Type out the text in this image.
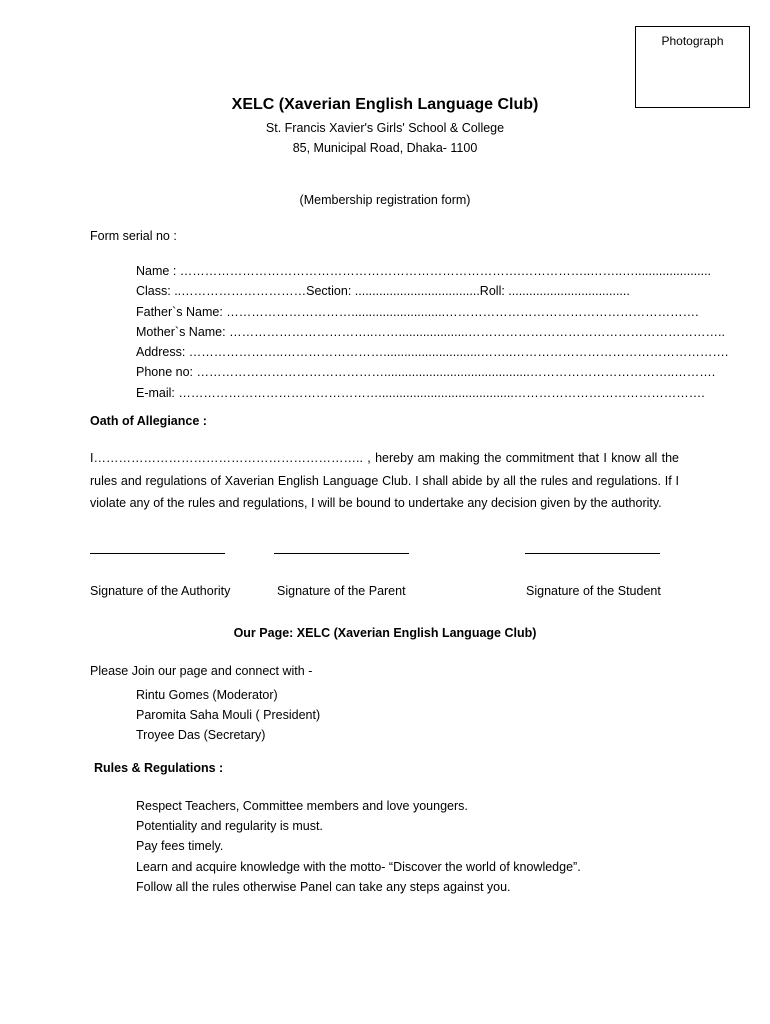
Photograph
XELC (Xaverian English Language Club)
St. Francis Xavier's Girls' School & College
85, Municipal Road, Dhaka- 1100
(Membership registration form)
Form serial no :
Name : ……………………………………………………………………….……………..……..…......................
Class: ..…………………………Section: ....................................Roll: ...................................
Father`s Name: …………………………...........................…………………………………………………….
Mother`s Name: ……………………………..……....................……………………………………………………..
Address: …………………..……………………............................……..…………………………………………….
Phone no: ………………………………………..........................................……………………………..……….
E-mail: ………………………………………….......................................……………………………………….
Oath of Allegiance :

I……………………………………………………….. , hereby am making the commitment that I know all the rules and regulations of Xaverian English Language Club. I shall abide by all the rules and regulations. If I violate any of the rules and regulations, I will be bound to undertake any decision given by the authority.

Signature of the Authority	Signature of the Parent	Signature of the Student
Our Page: XELC (Xaverian English Language Club)
Please Join our page and connect with -
Rintu Gomes (Moderator)
Paromita Saha Mouli ( President)
Troyee Das (Secretary)
Rules & Regulations :
Respect Teachers, Committee members and love youngers.
Potentiality and regularity is must.
Pay fees timely.
Learn and acquire knowledge with the motto- “Discover the world of knowledge”.
Follow all the rules otherwise Panel can take any steps against you.
